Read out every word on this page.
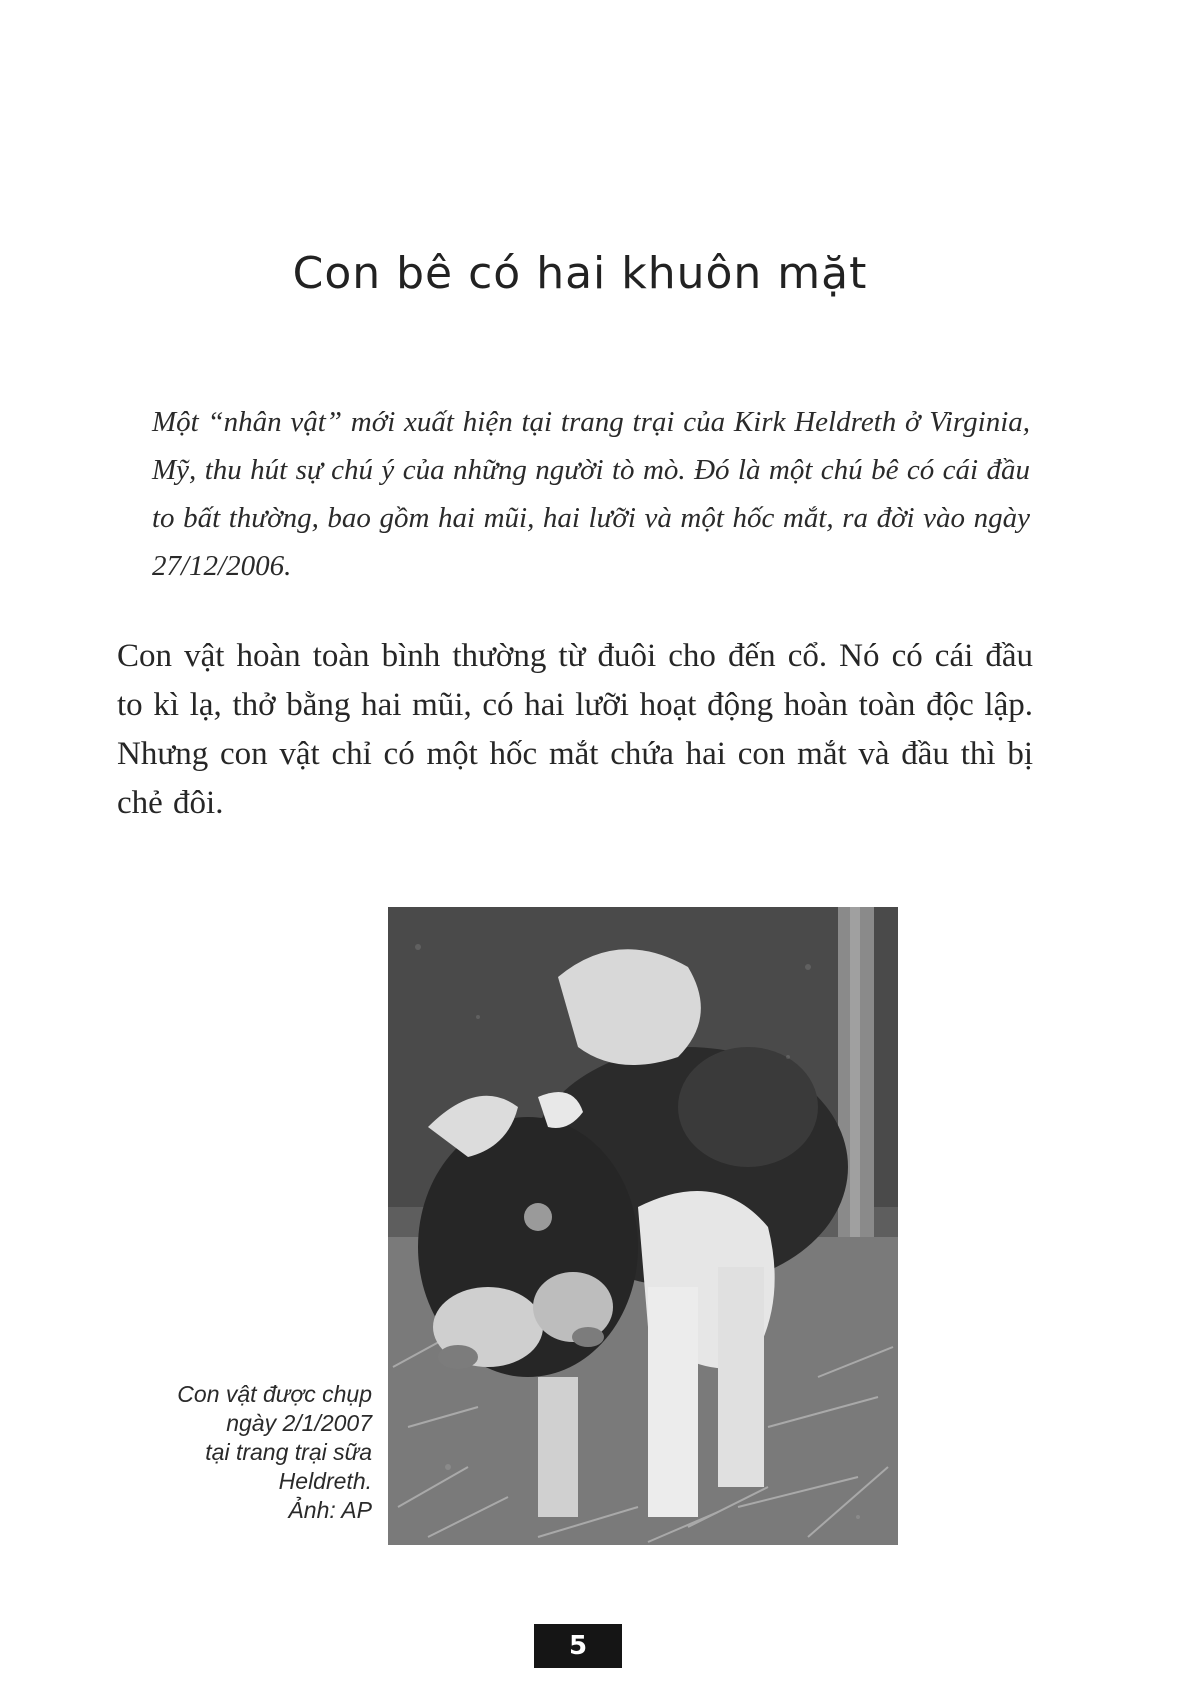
Con bê có hai khuôn mặt

Một “nhân vật” mới xuất hiện tại trang trại của Kirk Heldreth ở Virginia, Mỹ, thu hút sự chú ý của những người tò mò. Đó là một chú bê có cái đầu to bất thường, bao gồm hai mũi, hai lưỡi và một hốc mắt, ra đời vào ngày 27/12/2006.

Con vật hoàn toàn bình thường từ đuôi cho đến cổ. Nó có cái đầu to kì lạ, thở bằng hai mũi, có hai lưỡi hoạt động hoàn toàn độc lập. Nhưng con vật chỉ có một hốc mắt chứa hai con mắt và đầu thì bị chẻ đôi.

Con vật được chụp
ngày 2/1/2007
tại trang trại sữa
Heldreth.
Ảnh: AP
5
